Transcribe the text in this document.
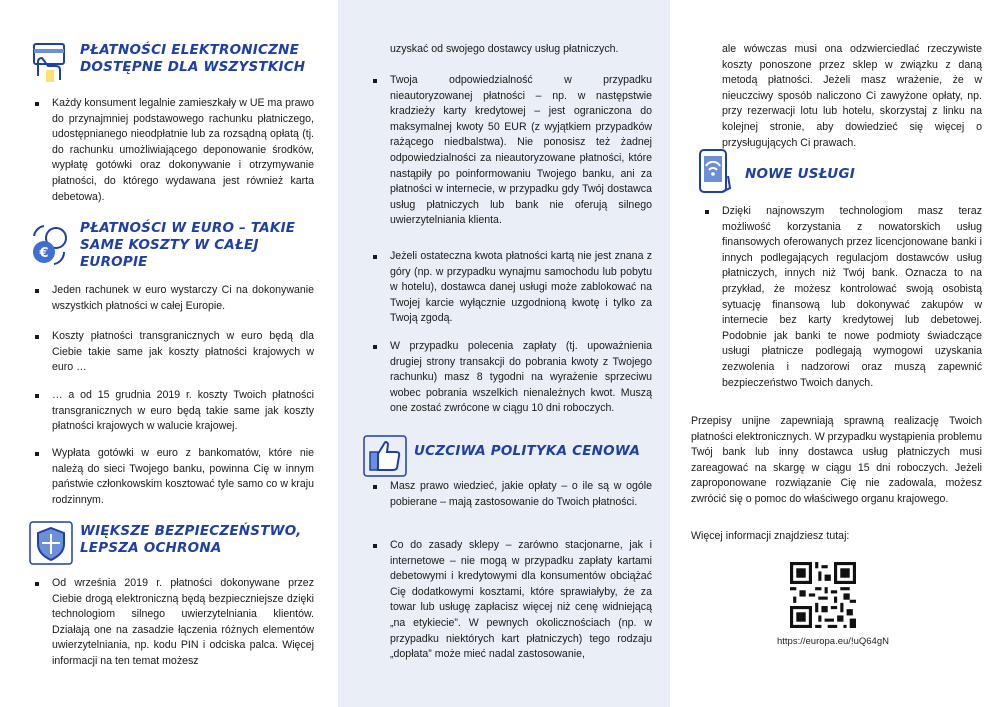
PŁATNOŚCI ELEKTRONICZNE DOSTĘPNE DLA WSZYSTKICH
Każdy konsument legalnie zamieszkały w UE ma prawo do przynajmniej podstawowego rachunku płatniczego, udostępnianego nieodpłatnie lub za rozsądną opłatą (tj. do rachunku umożliwiającego deponowanie środków, wypłatę gotówki oraz dokonywanie i otrzymywanie płatności, do którego wydawana jest również karta debetowa).
€
PŁATNOŚCI W EURO – TAKIE SAME KOSZTY W CAŁEJ EUROPIE
Jeden rachunek w euro wystarczy Ci na dokonywanie wszystkich płatności w całej Europie.
Koszty płatności transgranicznych w euro będą dla Ciebie takie same jak koszty płatności krajowych w euro …
… a od 15 grudnia 2019 r. koszty Twoich płatności transgranicznych w euro będą takie same jak koszty płatności krajowych w walucie krajowej.
Wypłata gotówki w euro z bankomatów, które nie należą do sieci Twojego banku, powinna Cię w innym państwie członkowskim kosztować tyle samo co w kraju rodzinnym.
WIĘKSZE BEZPIECZEŃSTWO, LEPSZA OCHRONA
Od września 2019 r. płatności dokonywane przez Ciebie drogą elektroniczną będą bezpieczniejsze dzięki technologiom silnego uwierzytelniania klientów. Działają one na zasadzie łączenia różnych elementów uwierzytelniania, np. kodu PIN i odciska palca. Więcej informacji na ten temat możesz
uzyskać od swojego dostawcy usług płatniczych.
Twoja odpowiedzialność w przypadku nieautoryzowanej płatności – np. w następstwie kradzieży karty kredytowej – jest ograniczona do maksymalnej kwoty 50 EUR (z wyjątkiem przypadków rażącego niedbalstwa). Nie ponosisz też żadnej odpowiedzialności za nieautoryzowane płatności, które nastąpiły po poinformowaniu Twojego banku, ani za płatności w internecie, w przypadku gdy Twój dostawca usług płatniczych lub bank nie oferują silnego uwierzytelniania klienta.
Jeżeli ostateczna kwota płatności kartą nie jest znana z góry (np. w przypadku wynajmu samochodu lub pobytu w hotelu), dostawca danej usługi może zablokować na Twojej karcie wyłącznie uzgodnioną kwotę i tylko za Twoją zgodą.
W przypadku polecenia zapłaty (tj. upoważnienia drugiej strony transakcji do pobrania kwoty z Twojego rachunku) masz 8 tygodni na wyrażenie sprzeciwu wobec pobrania wszelkich nienależnych kwot. Muszą one zostać zwrócone w ciągu 10 dni roboczych.
UCZCIWA POLITYKA CENOWA
Masz prawo wiedzieć, jakie opłaty – o ile są w ogóle pobierane – mają zastosowanie do Twoich płatności.
Co do zasady sklepy – zarówno stacjonarne, jak i internetowe – nie mogą w przypadku zapłaty kartami debetowymi i kredytowymi dla konsumentów obciążać Cię dodatkowymi kosztami, które sprawiałyby, że za towar lub usługę zapłacisz więcej niż cenę widniejącą „na etykiecie”. W pewnych okolicznościach (np. w przypadku niektórych kart płatniczych) tego rodzaju „dopłata” może mieć nadal zastosowanie,
ale wówczas musi ona odzwierciedlać rzeczywiste koszty ponoszone przez sklep w związku z daną metodą płatności. Jeżeli masz wrażenie, że w nieuczciwy sposób naliczono Ci zawyżone opłaty, np. przy rezerwacji lotu lub hotelu, skorzystaj z linku na kolejnej stronie, aby dowiedzieć się więcej o przysługujących Ci prawach.
NOWE USŁUGI
Dzięki najnowszym technologiom masz teraz możliwość korzystania z nowatorskich usług finansowych oferowanych przez licencjonowane banki i innych podlegających regulacjom dostawców usług płatniczych, innych niż Twój bank. Oznacza to na przykład, że możesz kontrolować swoją osobistą sytuację finansową lub dokonywać zakupów w internecie bez karty kredytowej lub debetowej. Podobnie jak banki te nowe podmioty świadczące usługi płatnicze podlegają wymogowi uzyskania zezwolenia i nadzorowi oraz muszą zapewnić bezpieczeństwo Twoich danych.
Przepisy unijne zapewniają sprawną realizację Twoich płatności elektronicznych. W przypadku wystąpienia problemu Twój bank lub inny dostawca usług płatniczych musi zareagować na skargę w ciągu 15 dni roboczych. Jeżeli zaproponowane rozwiązanie Cię nie zadowala, możesz zwrócić się o pomoc do właściwego organu krajowego.
Więcej informacji znajdziesz tutaj:
https://europa.eu/!uQ64gN
